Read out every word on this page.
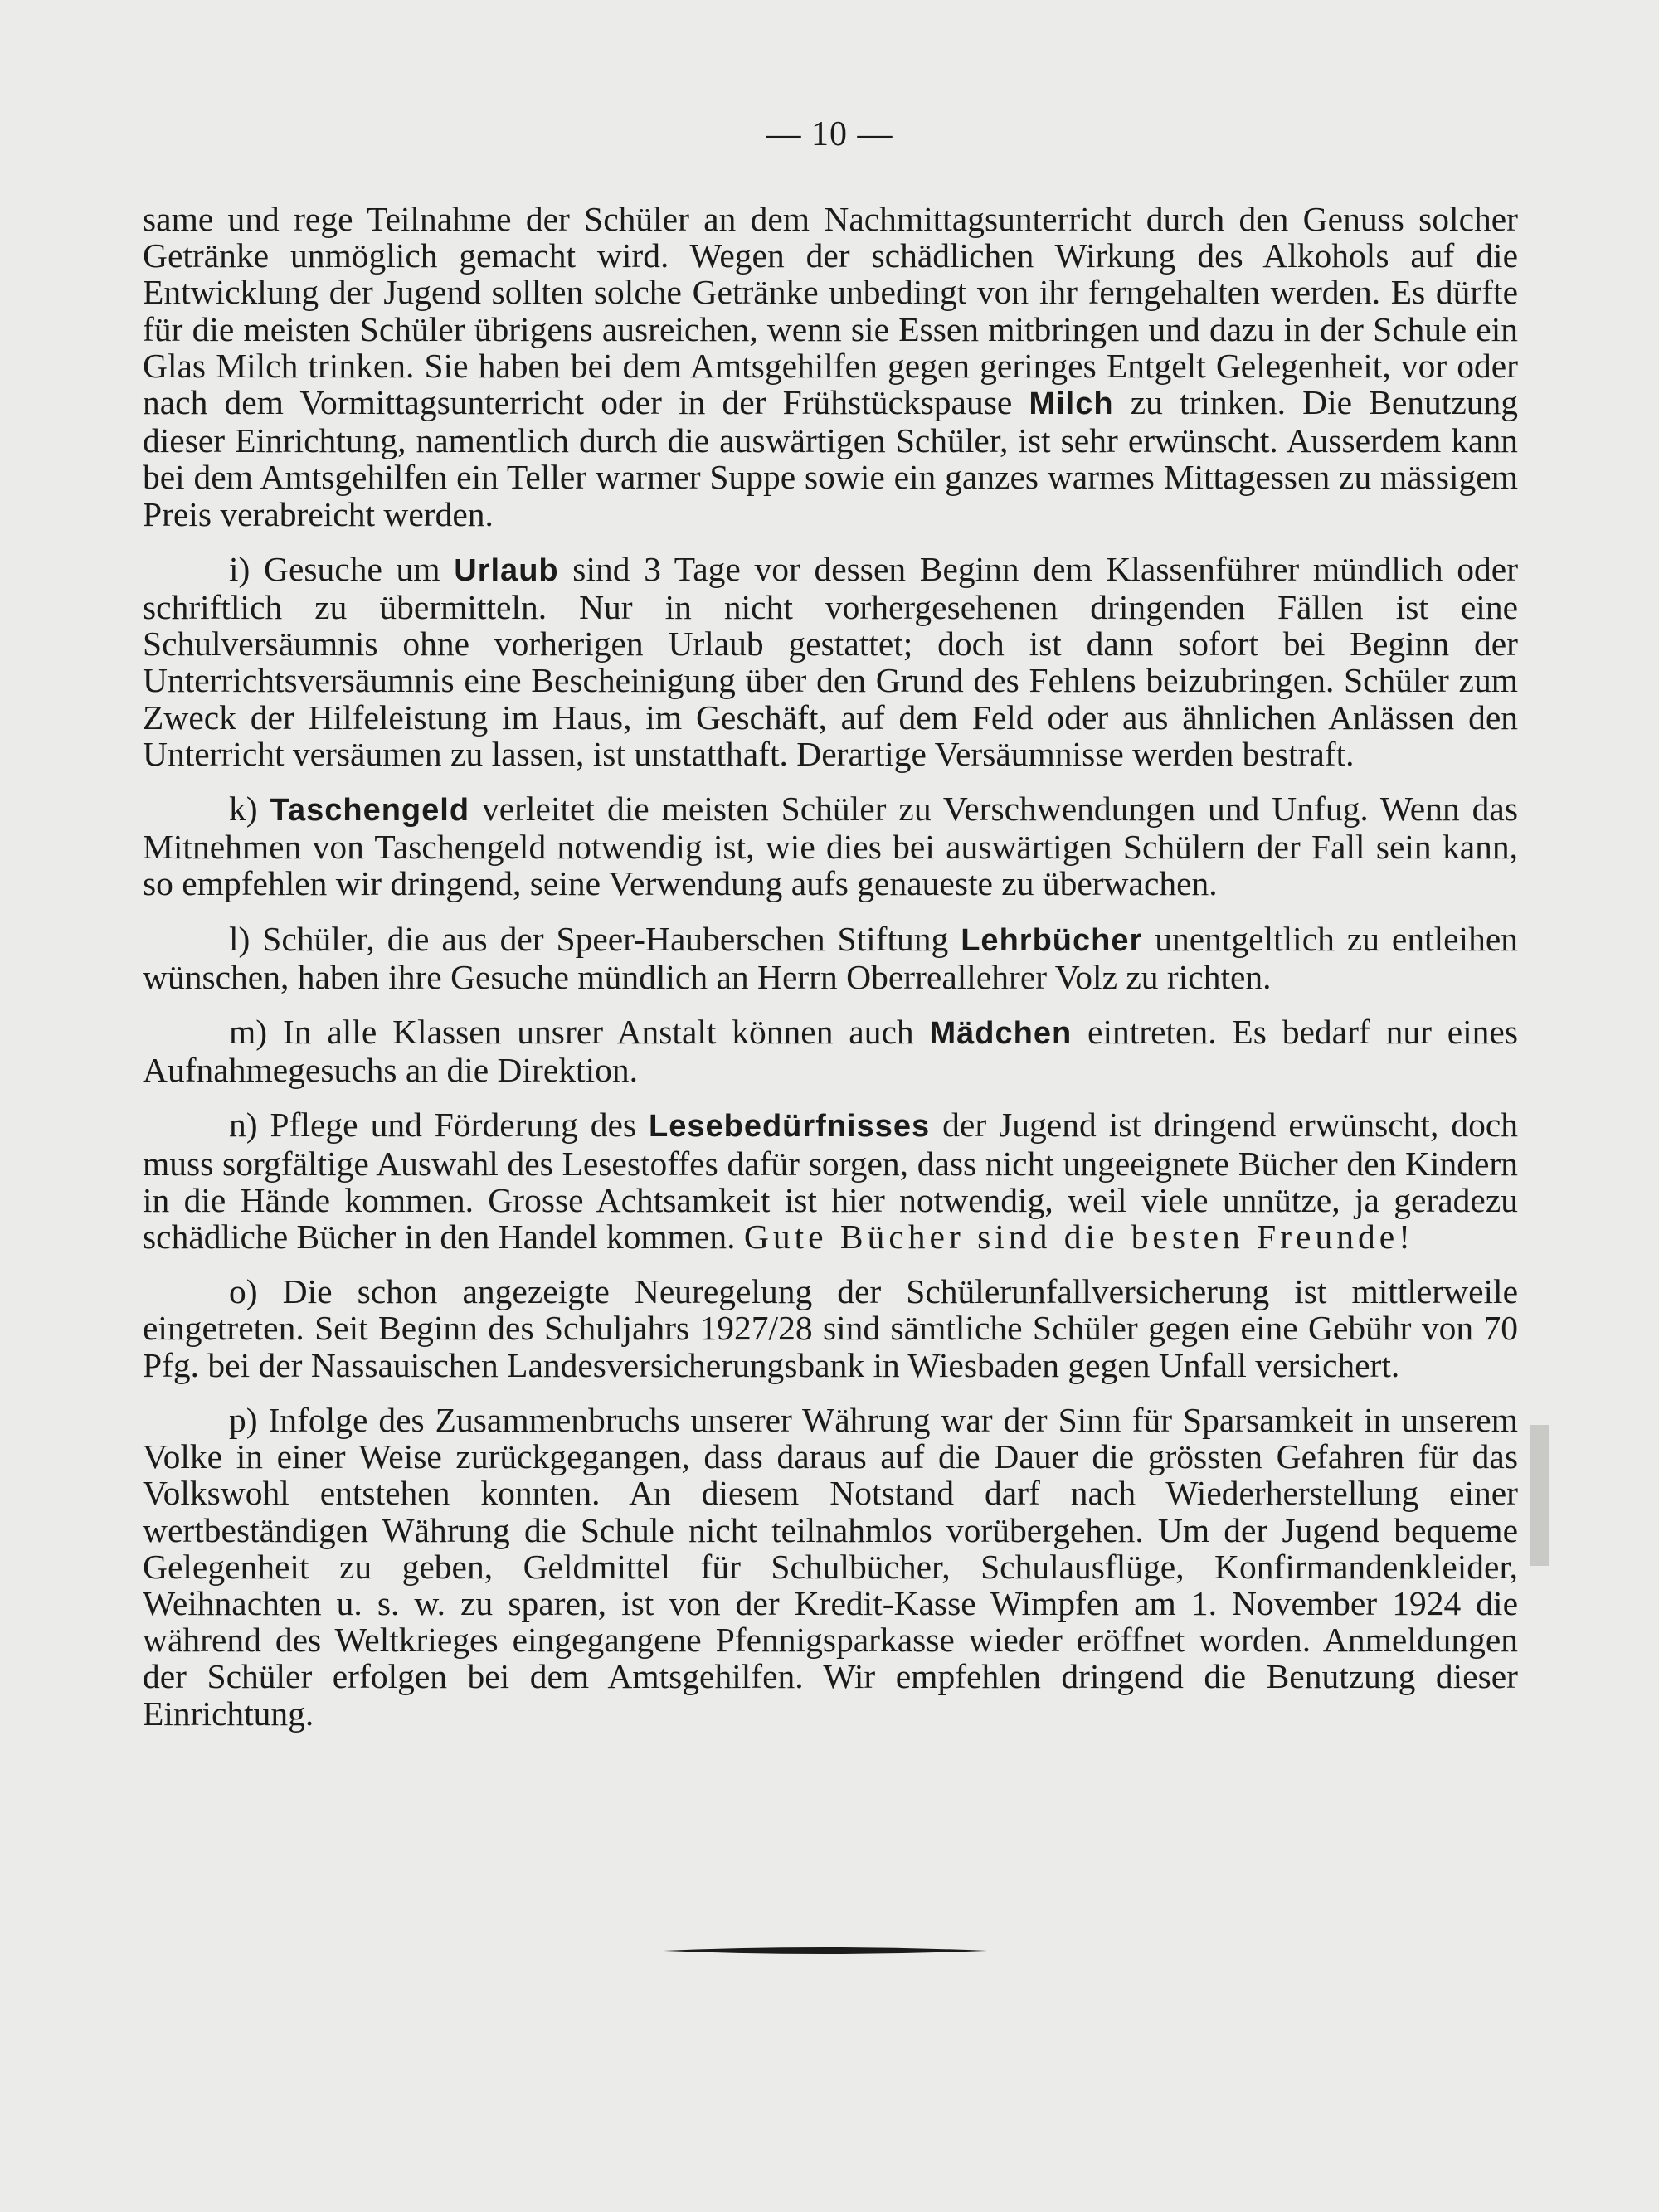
— 10 —

same und rege Teilnahme der Schüler an dem Nachmittagsunterricht durch den Genuss solcher Getränke unmöglich gemacht wird. Wegen der schädlichen Wirkung des Alkohols auf die Entwicklung der Jugend sollten solche Getränke unbedingt von ihr ferngehalten werden. Es dürfte für die meisten Schüler übrigens ausreichen, wenn sie Essen mitbringen und dazu in der Schule ein Glas Milch trinken. Sie haben bei dem Amtsgehilfen gegen geringes Entgelt Gelegenheit, vor oder nach dem Vormittagsunterricht oder in der Frühstückspause Milch zu trinken. Die Benutzung dieser Einrichtung, namentlich durch die auswärtigen Schüler, ist sehr erwünscht. Ausserdem kann bei dem Amtsgehilfen ein Teller warmer Suppe sowie ein ganzes warmes Mittagessen zu mässigem Preis verabreicht werden.

i) Gesuche um Urlaub sind 3 Tage vor dessen Beginn dem Klassenführer mündlich oder schriftlich zu übermitteln. Nur in nicht vorhergesehenen dringenden Fällen ist eine Schulversäumnis ohne vorherigen Urlaub gestattet; doch ist dann sofort bei Beginn der Unterrichtsversäumnis eine Bescheinigung über den Grund des Fehlens beizubringen. Schüler zum Zweck der Hilfeleistung im Haus, im Geschäft, auf dem Feld oder aus ähnlichen Anlässen den Unterricht versäumen zu lassen, ist unstatthaft. Derartige Versäumnisse werden bestraft.

k) Taschengeld verleitet die meisten Schüler zu Verschwendungen und Unfug. Wenn das Mitnehmen von Taschengeld notwendig ist, wie dies bei auswärtigen Schülern der Fall sein kann, so empfehlen wir dringend, seine Verwendung aufs genaueste zu überwachen.

l) Schüler, die aus der Speer-Hauberschen Stiftung Lehrbücher unentgeltlich zu entleihen wünschen, haben ihre Gesuche mündlich an Herrn Oberreallehrer Volz zu richten.

m) In alle Klassen unsrer Anstalt können auch Mädchen eintreten. Es bedarf nur eines Aufnahmegesuchs an die Direktion.

n) Pflege und Förderung des Lesebedürfnisses der Jugend ist dringend erwünscht, doch muss sorgfältige Auswahl des Lesestoffes dafür sorgen, dass nicht ungeeignete Bücher den Kindern in die Hände kommen. Grosse Achtsamkeit ist hier notwendig, weil viele unnütze, ja geradezu schädliche Bücher in den Handel kommen. Gute Bücher sind die besten Freunde!

o) Die schon angezeigte Neuregelung der Schülerunfallversicherung ist mittlerweile eingetreten. Seit Beginn des Schuljahrs 1927/28 sind sämtliche Schüler gegen eine Gebühr von 70 Pfg. bei der Nassauischen Landesversicherungsbank in Wiesbaden gegen Unfall versichert.

p) Infolge des Zusammenbruchs unserer Währung war der Sinn für Sparsamkeit in unserem Volke in einer Weise zurückgegangen, dass daraus auf die Dauer die grössten Gefahren für das Volkswohl entstehen konnten. An diesem Notstand darf nach Wiederherstellung einer wertbeständigen Währung die Schule nicht teilnahmlos vorübergehen. Um der Jugend bequeme Gelegenheit zu geben, Geldmittel für Schulbücher, Schulausflüge, Konfirmandenkleider, Weihnachten u. s. w. zu sparen, ist von der Kredit-Kasse Wimpfen am 1. November 1924 die während des Weltkrieges eingegangene Pfennigsparkasse wieder eröffnet worden. Anmeldungen der Schüler erfolgen bei dem Amtsgehilfen. Wir empfehlen dringend die Benutzung dieser Einrichtung.
